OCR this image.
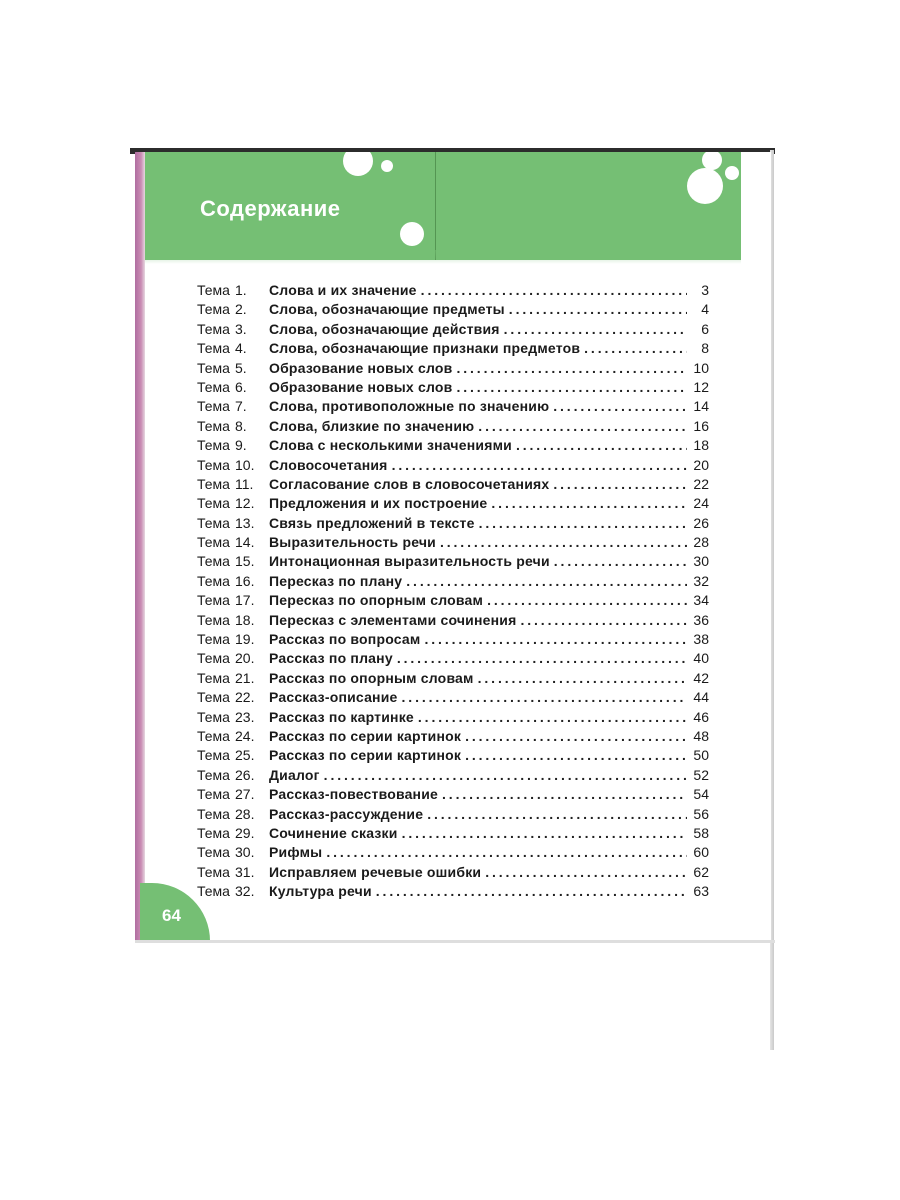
Содержание
Тема 1.	Слова и их значение . . .	3
Тема 2.	Слова, обозначающие предметы . . .	4
Тема 3.	Слова, обозначающие действия . . .	6
Тема 4.	Слова, обозначающие признаки предметов . . .	8
Тема 5.	Образование новых слов . . .	10
Тема 6.	Образование новых слов . . .	12
Тема 7.	Слова, противоположные по значению . . .	14
Тема 8.	Слова, близкие по значению . . .	16
Тема 9.	Слова с несколькими значениями . . .	18
Тема 10.	Словосочетания . . .	20
Тема 11.	Согласование слов в словосочетаниях . . .	22
Тема 12.	Предложения и их построение . . .	24
Тема 13.	Связь предложений в тексте . . .	26
Тема 14.	Выразительность речи . . .	28
Тема 15.	Интонационная выразительность речи . . .	30
Тема 16.	Пересказ по плану . . .	32
Тема 17.	Пересказ по опорным словам . . .	34
Тема 18.	Пересказ с элементами сочинения . . .	36
Тема 19.	Рассказ по вопросам . . .	38
Тема 20.	Рассказ по плану . . .	40
Тема 21.	Рассказ по опорным словам . . .	42
Тема 22.	Рассказ-описание . . .	44
Тема 23.	Рассказ по картинке . . .	46
Тема 24.	Рассказ по серии картинок . . .	48
Тема 25.	Рассказ по серии картинок . . .	50
Тема 26.	Диалог . . .	52
Тема 27.	Рассказ-повествование . . .	54
Тема 28.	Рассказ-рассуждение . . .	56
Тема 29.	Сочинение сказки . . .	58
Тема 30.	Рифмы . . .	60
Тема 31.	Исправляем речевые ошибки . . .	62
Тема 32.	Культура речи . . .	63
64
